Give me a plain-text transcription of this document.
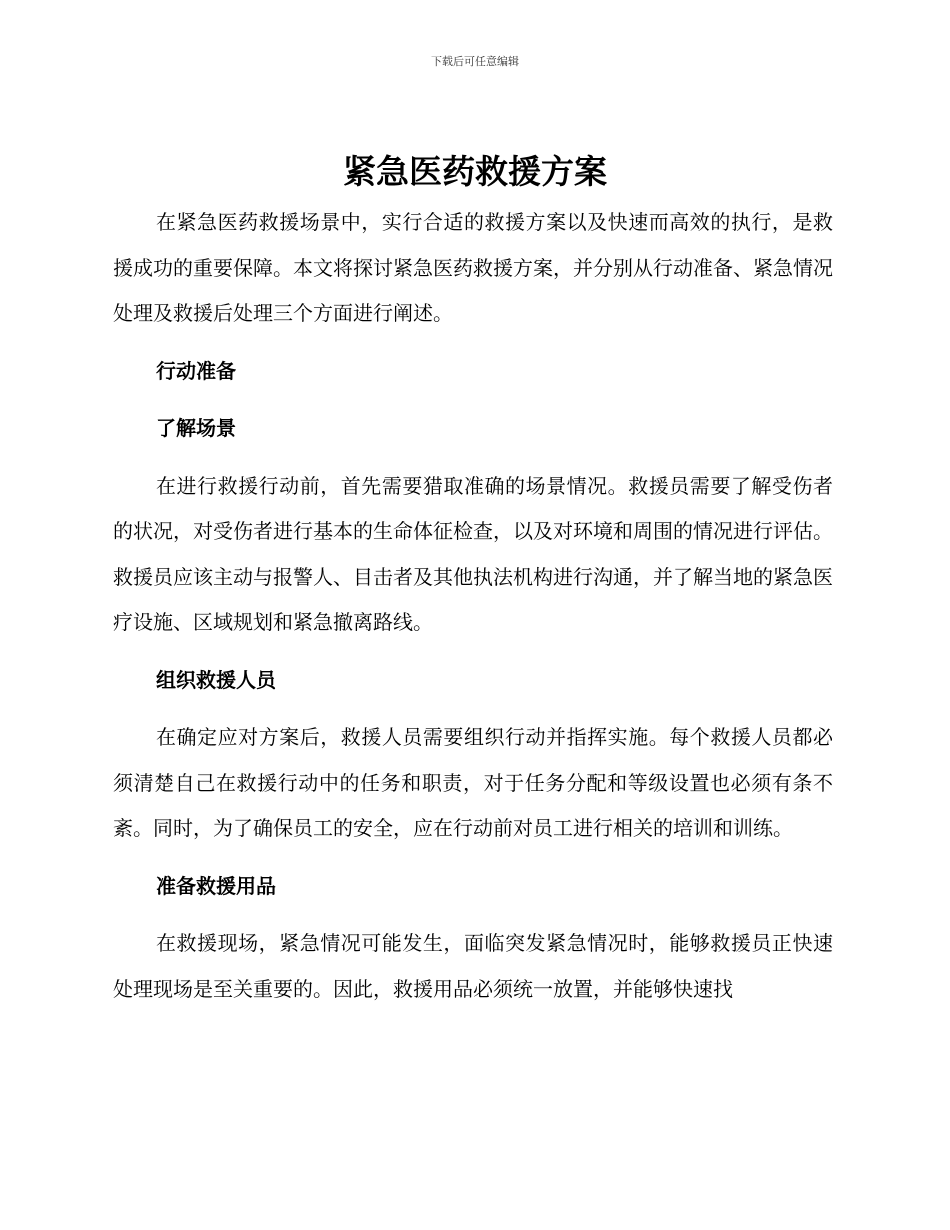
下载后可任意编辑
紧急医药救援方案

在紧急医药救援场景中，实行合适的救援方案以及快速而高效的执行，是救援成功的重要保障。本文将探讨紧急医药救援方案，并分别从行动准备、紧急情况处理及救援后处理三个方面进行阐述。

行动准备

了解场景

在进行救援行动前，首先需要猎取准确的场景情况。救援员需要了解受伤者的状况，对受伤者进行基本的生命体征检查，以及对环境和周围的情况进行评估。救援员应该主动与报警人、目击者及其他执法机构进行沟通，并了解当地的紧急医疗设施、区域规划和紧急撤离路线。

组织救援人员

在确定应对方案后，救援人员需要组织行动并指挥实施。每个救援人员都必须清楚自己在救援行动中的任务和职责，对于任务分配和等级设置也必须有条不紊。同时，为了确保员工的安全，应在行动前对员工进行相关的培训和训练。

准备救援用品

在救援现场，紧急情况可能发生，面临突发紧急情况时，能够救援员正快速处理现场是至关重要的。因此，救援用品必须统一放置，并能够快速找
